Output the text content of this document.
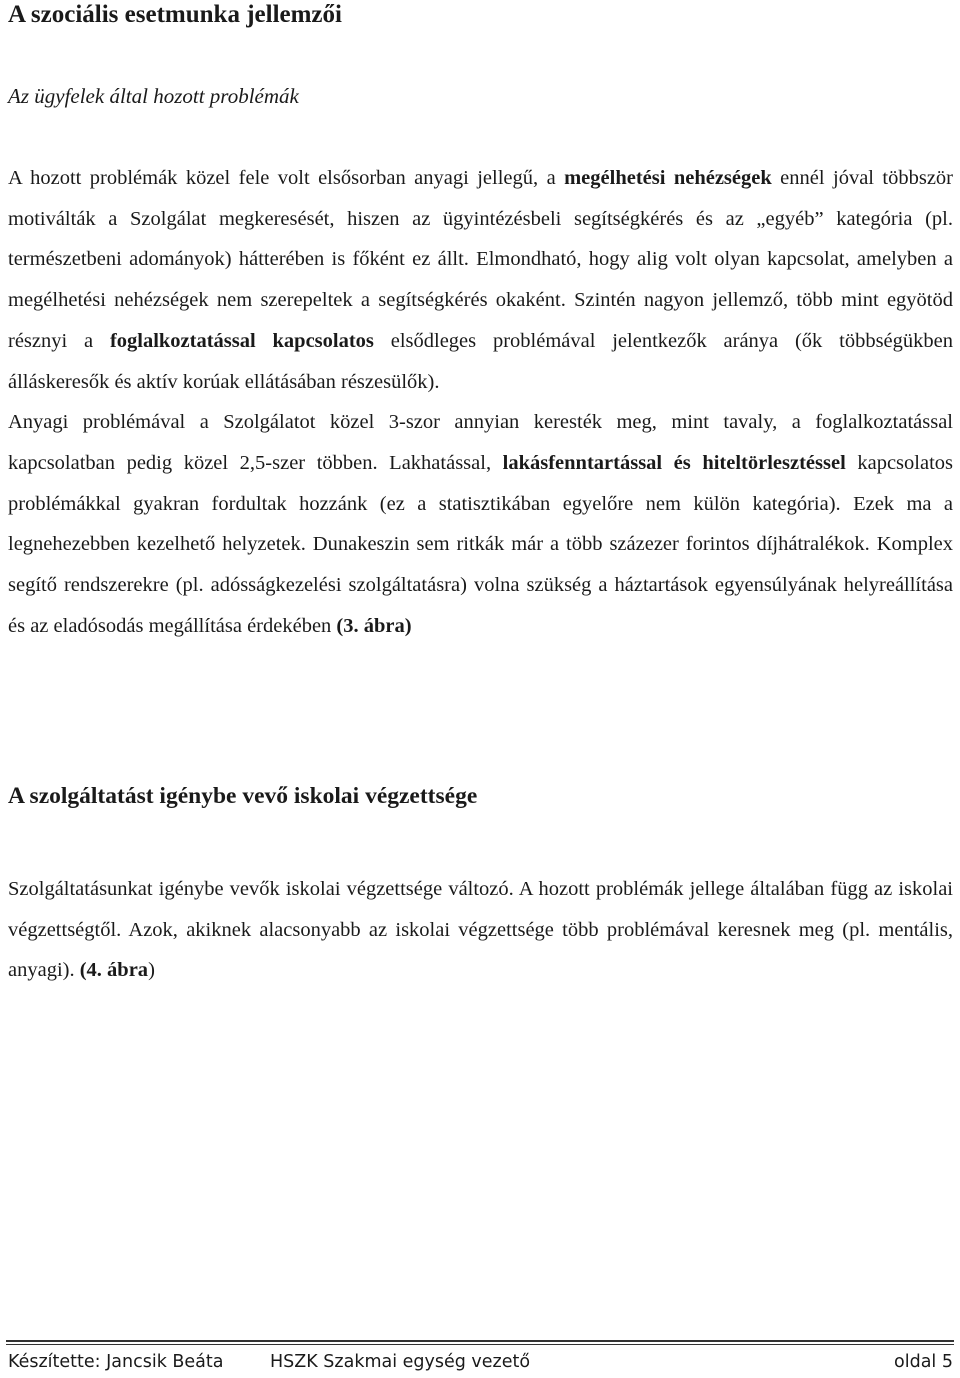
A szociális esetmunka jellemzői
Az ügyfelek által hozott problémák

A hozott problémák közel fele volt elsősorban anyagi jellegű, a megélhetési nehézségek ennél jóval többször motiválták a Szolgálat megkeresését, hiszen az ügyintézésbeli segítségkérés és az „egyéb” kategória (pl. természetbeni adományok) hátterében is főként ez állt. Elmondható, hogy alig volt olyan kapcsolat, amelyben a megélhetési nehézségek nem szerepeltek a segítségkérés okaként. Szintén nagyon jellemző, több mint egyötöd résznyi a foglalkoztatással kapcsolatos elsődleges problémával jelentkezők aránya (ők többségükben álláskeresők és aktív korúak ellátásában részesülők).
Anyagi problémával a Szolgálatot közel 3-szor annyian keresték meg, mint tavaly, a foglalkoztatással kapcsolatban pedig közel 2,5-szer többen. Lakhatással, lakásfenntartással és hiteltörlesztéssel kapcsolatos problémákkal gyakran fordultak hozzánk (ez a statisztikában egyelőre nem külön kategória). Ezek ma a legnehezebben kezelhető helyzetek. Dunakeszin sem ritkák már a több százezer forintos díjhátralékok. Komplex segítő rendszerekre (pl. adósságkezelési szolgáltatásra) volna szükség a háztartások egyensúlyának helyreállítása és az eladósodás megállítása érdekében (3. ábra)

A szolgáltatást igénybe vevő iskolai végzettsége

Szolgáltatásunkat igénybe vevők iskolai végzettsége változó. A hozott problémák jellege általában függ az iskolai végzettségtől. Azok, akiknek alacsonyabb az iskolai végzettsége több problémával keresnek meg (pl. mentális, anyagi). (4. ábra)

Készítette: Jancsik Beáta	HSZK Szakmai egység vezető	oldal 5
